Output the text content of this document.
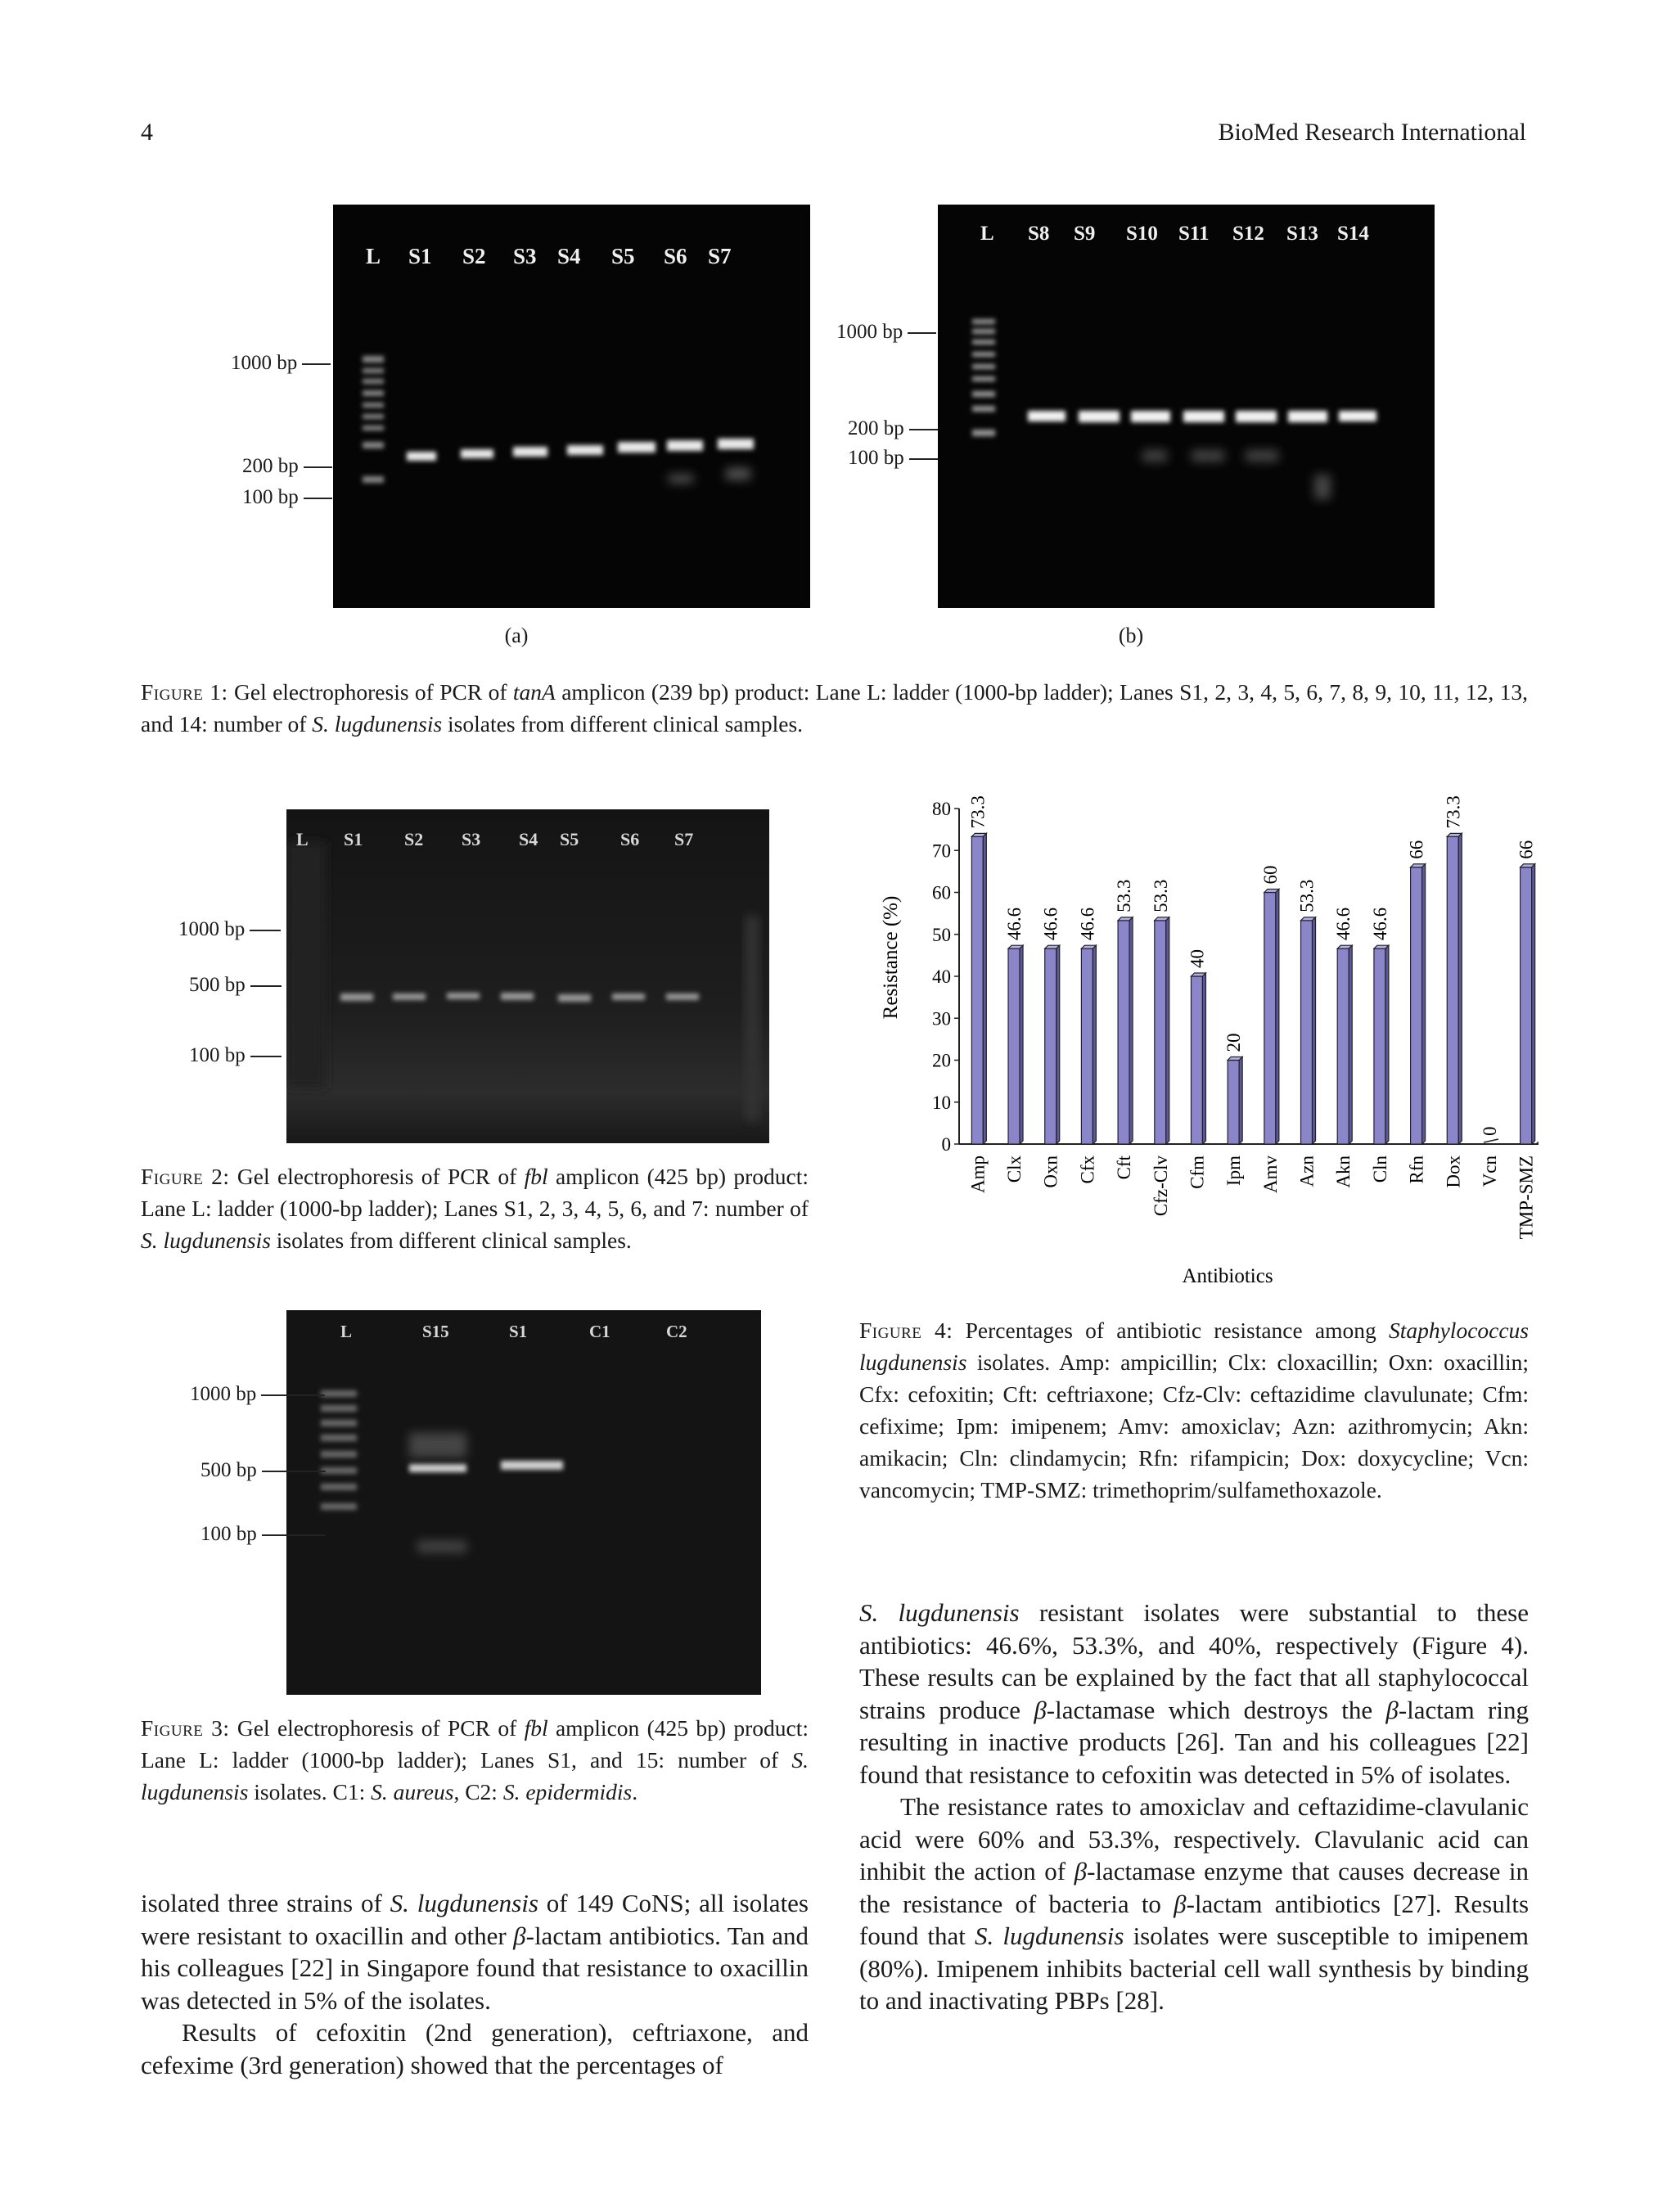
4	BioMed Research International
L	S1	S2	S3 S4	S5	S6 S7
1000 bp
200 bp
100 bp
(a)
L	S8	S9	S10	S11	S12	S13 S14
1000 bp
200 bp
100 bp
(b)
Figure 1: Gel electrophoresis of PCR of tanA amplicon (239 bp) product: Lane L: ladder (1000-bp ladder); Lanes S1, 2, 3, 4, 5, 6, 7, 8, 9, 10, 11, 12, 13, and 14: number of S. lugdunensis isolates from different clinical samples.
L	S1	S2	S3	S4	S5	S6	S7
1000 bp
500 bp
100 bp
Figure 2: Gel electrophoresis of PCR of fbl amplicon (425 bp) product: Lane L: ladder (1000-bp ladder); Lanes S1, 2, 3, 4, 5, 6, and 7: number of S. lugdunensis isolates from different clinical samples.
L	S15	S1	C1	C2
1000 bp
500 bp
100 bp
Figure 3: Gel electrophoresis of PCR of fbl amplicon (425 bp) product: Lane L: ladder (1000-bp ladder); Lanes S1, and 15: number of S. lugdunensis isolates. C1: S. aureus, C2: S. epidermidis.
0
10
20
30
40
50
60
70
80 73.3
46.6 46.6 46.6
53.3 53.3
40
20
60
53.3
46.6 46.6
66
73.3
0
66
Amp Clx Oxn Cfx Cft Cfz-Clv Cfm Ipm Amv Azn Akn Cln Rfn Dox Vcn TMP-SMZ
Resistance (%)
Antibiotics
Figure 4: Percentages of antibiotic resistance among Staphylococcus lugdunensis isolates. Amp: ampicillin; Clx: cloxacillin; Oxn: oxacillin; Cfx: cefoxitin; Cft: ceftriaxone; Cfz-Clv: ceftazidime clavulunate; Cfm: cefixime; Ipm: imipenem; Amv: amoxiclav; Azn: azithromycin; Akn: amikacin; Cln: clindamycin; Rfn: rifampicin; Dox: doxycycline; Vcn: vancomycin; TMP-SMZ: trimethoprim/sulfamethoxazole.

isolated three strains of S. lugdunensis of 149 CoNS; all isolates were resistant to oxacillin and other β-lactam antibiotics. Tan and his colleagues [22] in Singapore found that resistance to oxacillin was detected in 5% of the isolates.

Results of cefoxitin (2nd generation), ceftriaxone, and cefexime (3rd generation) showed that the percentages of

S. lugdunensis resistant isolates were substantial to these antibiotics: 46.6%, 53.3%, and 40%, respectively (Figure 4). These results can be explained by the fact that all staphylococcal strains produce β-lactamase which destroys the β-lactam ring resulting in inactive products [26]. Tan and his colleagues [22] found that resistance to cefoxitin was detected in 5% of isolates.

The resistance rates to amoxiclav and ceftazidime-clavulanic acid were 60% and 53.3%, respectively. Clavulanic acid can inhibit the action of β-lactamase enzyme that causes decrease in the resistance of bacteria to β-lactam antibiotics [27]. Results found that S. lugdunensis isolates were susceptible to imipenem (80%). Imipenem inhibits bacterial cell wall synthesis by binding to and inactivating PBPs [28].
